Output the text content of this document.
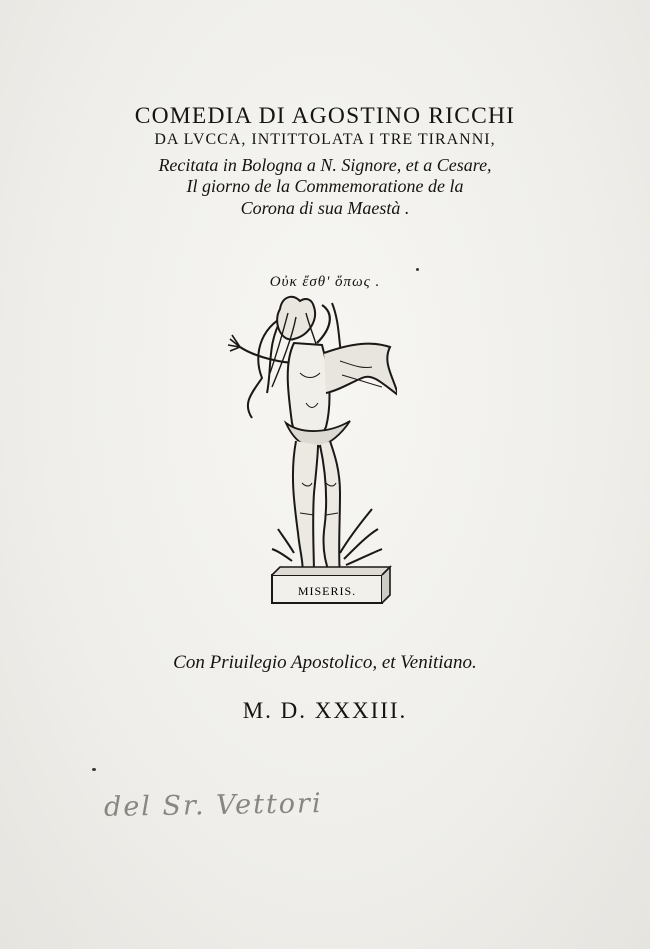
COMEDIA DI AGOSTINO RICCHI
DA LVCCA, INTITTOLATA I TRE TIRANNI,
Recitata in Bologna a N. Signore, et a Cesare,
Il giorno de la Commemoratione de la
Corona di sua Maestà .
Oὐκ ἔσθ' ὅπως .
MISERIS.
Con Priuilegio Apostolico, et Venitiano.
M. D. XXXIII.
del Sr. Vettori
